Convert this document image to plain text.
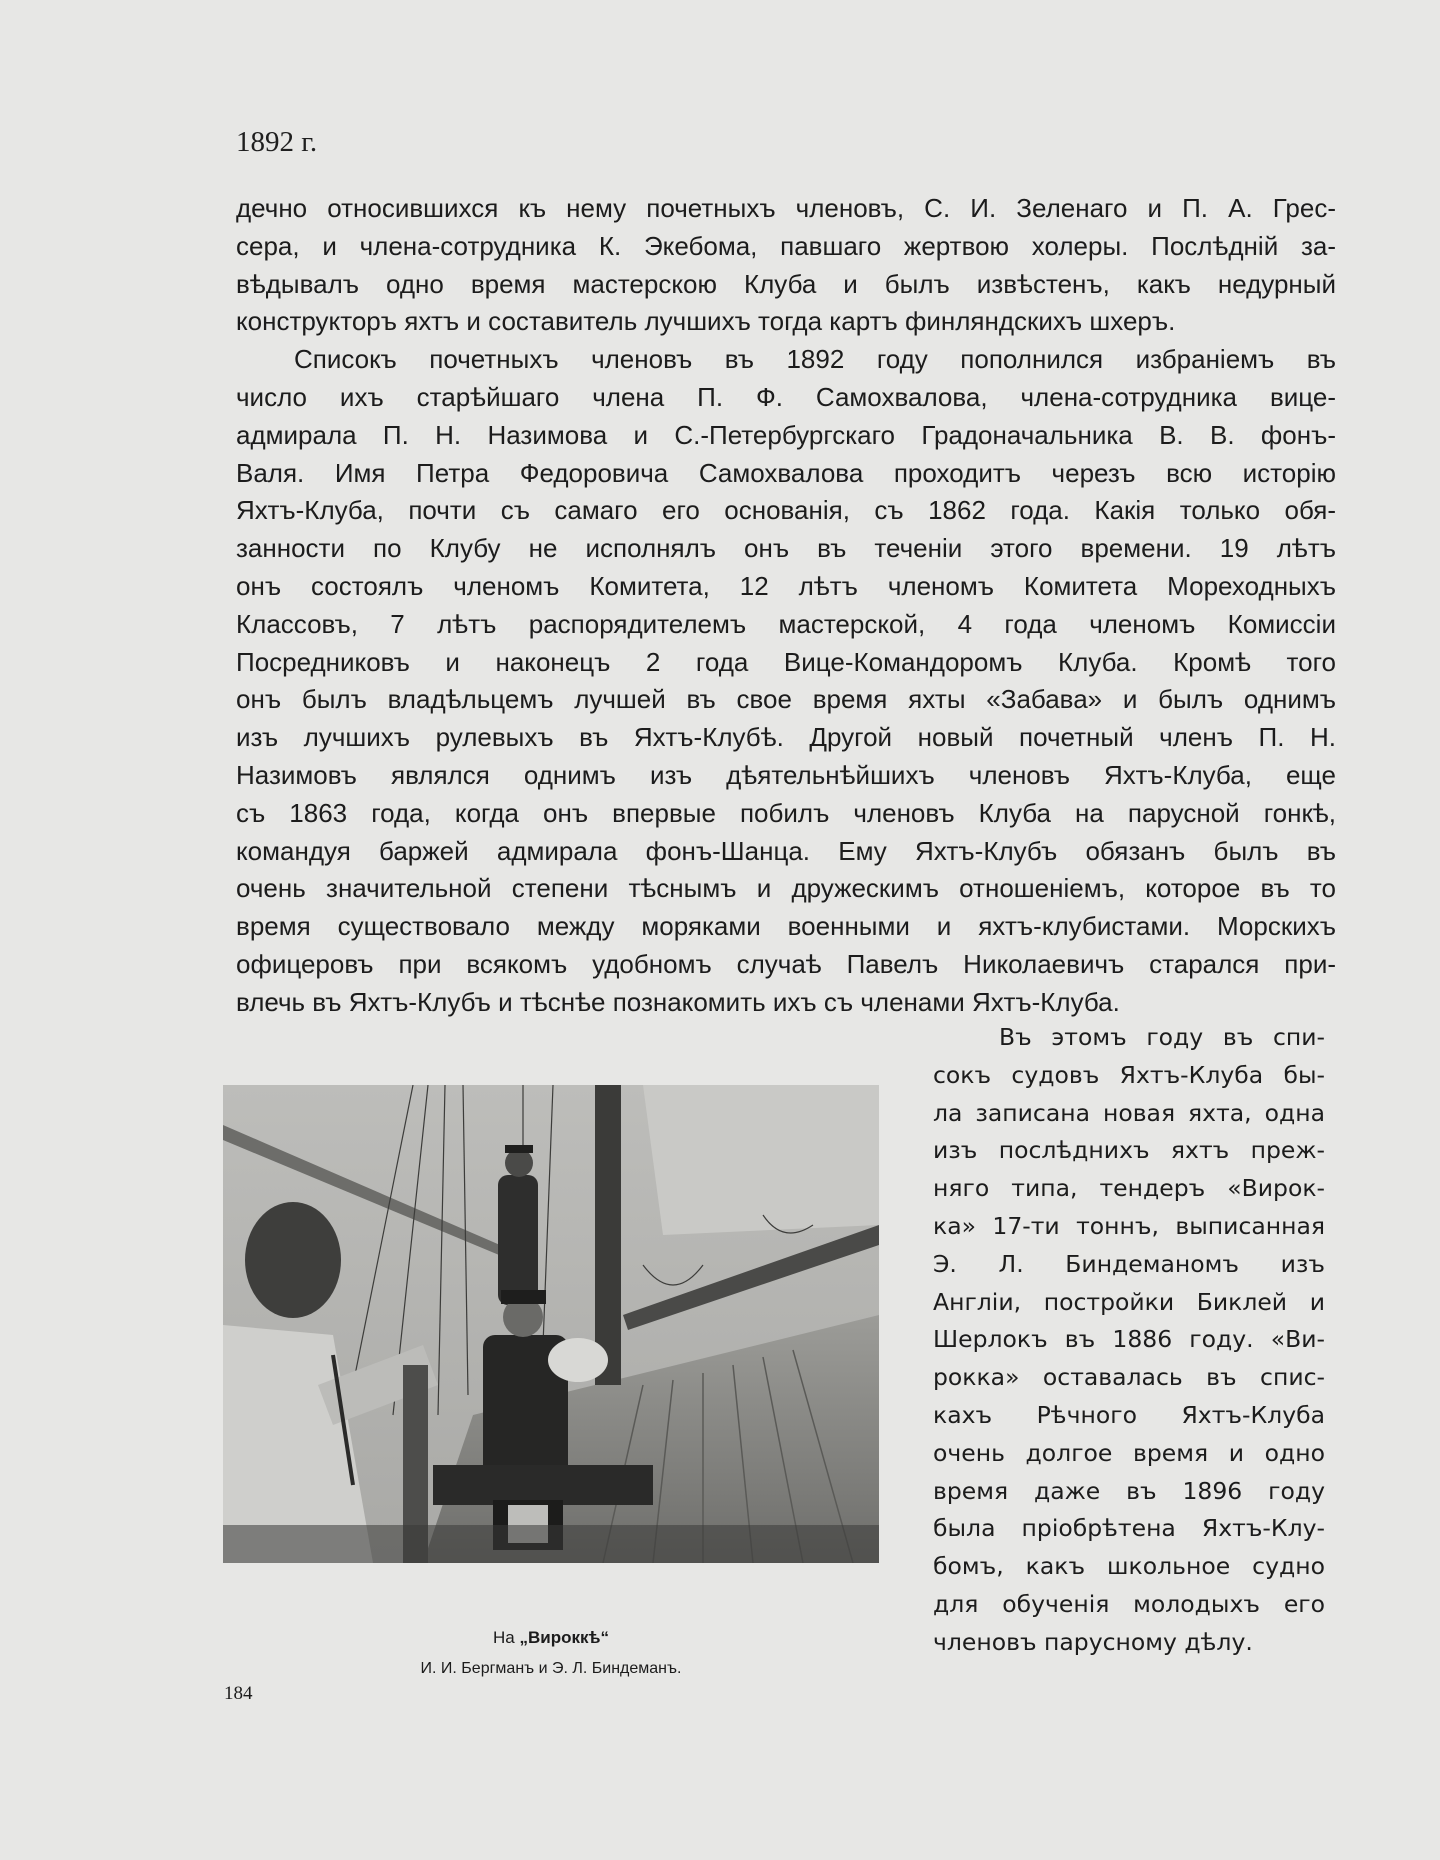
1892 г.
дечно относившихся къ нему почетныхъ членовъ, С. И. Зеленаго и П. А. Грес-
сера, и члена-сотрудника К. Экебома, павшаго жертвою холеры. Послѣднiй за-
вѣдывалъ одно время мастерскою Клуба и былъ извѣстенъ, какъ недурный
конструкторъ яхтъ и составитель лучшихъ тогда картъ финляндскихъ шхеръ.
Списокъ почетныхъ членовъ въ 1892 году пополнился избранiемъ въ
число ихъ старѣйшаго члена П. Ф. Самохвалова, члена-сотрудника вице-
адмирала П. Н. Назимова и С.-Петербургскаго Градоначальника В. В. фонъ-
Валя. Имя Петра Федоровича Самохвалова проходитъ черезъ всю исторiю
Яхтъ-Клуба, почти съ самаго его основанiя, съ 1862 года. Какiя только обя-
занности по Клубу не исполнялъ онъ въ теченiи этого времени. 19 лѣтъ
онъ состоялъ членомъ Комитета, 12 лѣтъ членомъ Комитета Мореходныхъ
Классовъ, 7 лѣтъ распорядителемъ мастерской, 4 года членомъ Комиссiи
Посредниковъ и наконецъ 2 года Вице-Командоромъ Клуба. Кромѣ того
онъ былъ владѣльцемъ лучшей въ свое время яхты «Забава» и былъ однимъ
изъ лучшихъ рулевыхъ въ Яхтъ-Клубѣ. Другой новый почетный членъ П. Н.
Назимовъ являлся однимъ изъ дѣятельнѣйшихъ членовъ Яхтъ-Клуба, еще
съ 1863 года, когда онъ впервые побилъ членовъ Клуба на парусной гонкѣ,
командуя баржей адмирала фонъ-Шанца. Ему Яхтъ-Клубъ обязанъ былъ въ
очень значительной степени тѣснымъ и дружескимъ отношенiемъ, которое въ то
время существовало между моряками военными и яхтъ-клубистами. Морскихъ
офицеровъ при всякомъ удобномъ случаѣ Павелъ Николаевичъ старался при-
влечь въ Яхтъ-Клубъ и тѣснѣе познакомить ихъ съ членами Яхтъ-Клуба.
Въ этомъ году въ спи-
сокъ судовъ Яхтъ-Клуба бы-
ла записана новая яхта, одна
изъ послѣднихъ яхтъ преж-
няго типа, тендеръ «Вирок-
ка» 17-ти тоннъ, выписанная
Э. Л. Биндеманомъ изъ
Англiи, постройки Биклей и
Шерлокъ въ 1886 году. «Ви-
рокка» оставалась въ спис-
кахъ Рѣчного Яхтъ-Клуба
очень долгое время и одно
время даже въ 1896 году
была прiобрѣтена Яхтъ-Клу-
бомъ, какъ школьное судно
для обученiя молодыхъ его
членовъ парусному дѣлу.
На „Вироккѣ“
И. И. Бергманъ и Э. Л. Биндеманъ.
184
